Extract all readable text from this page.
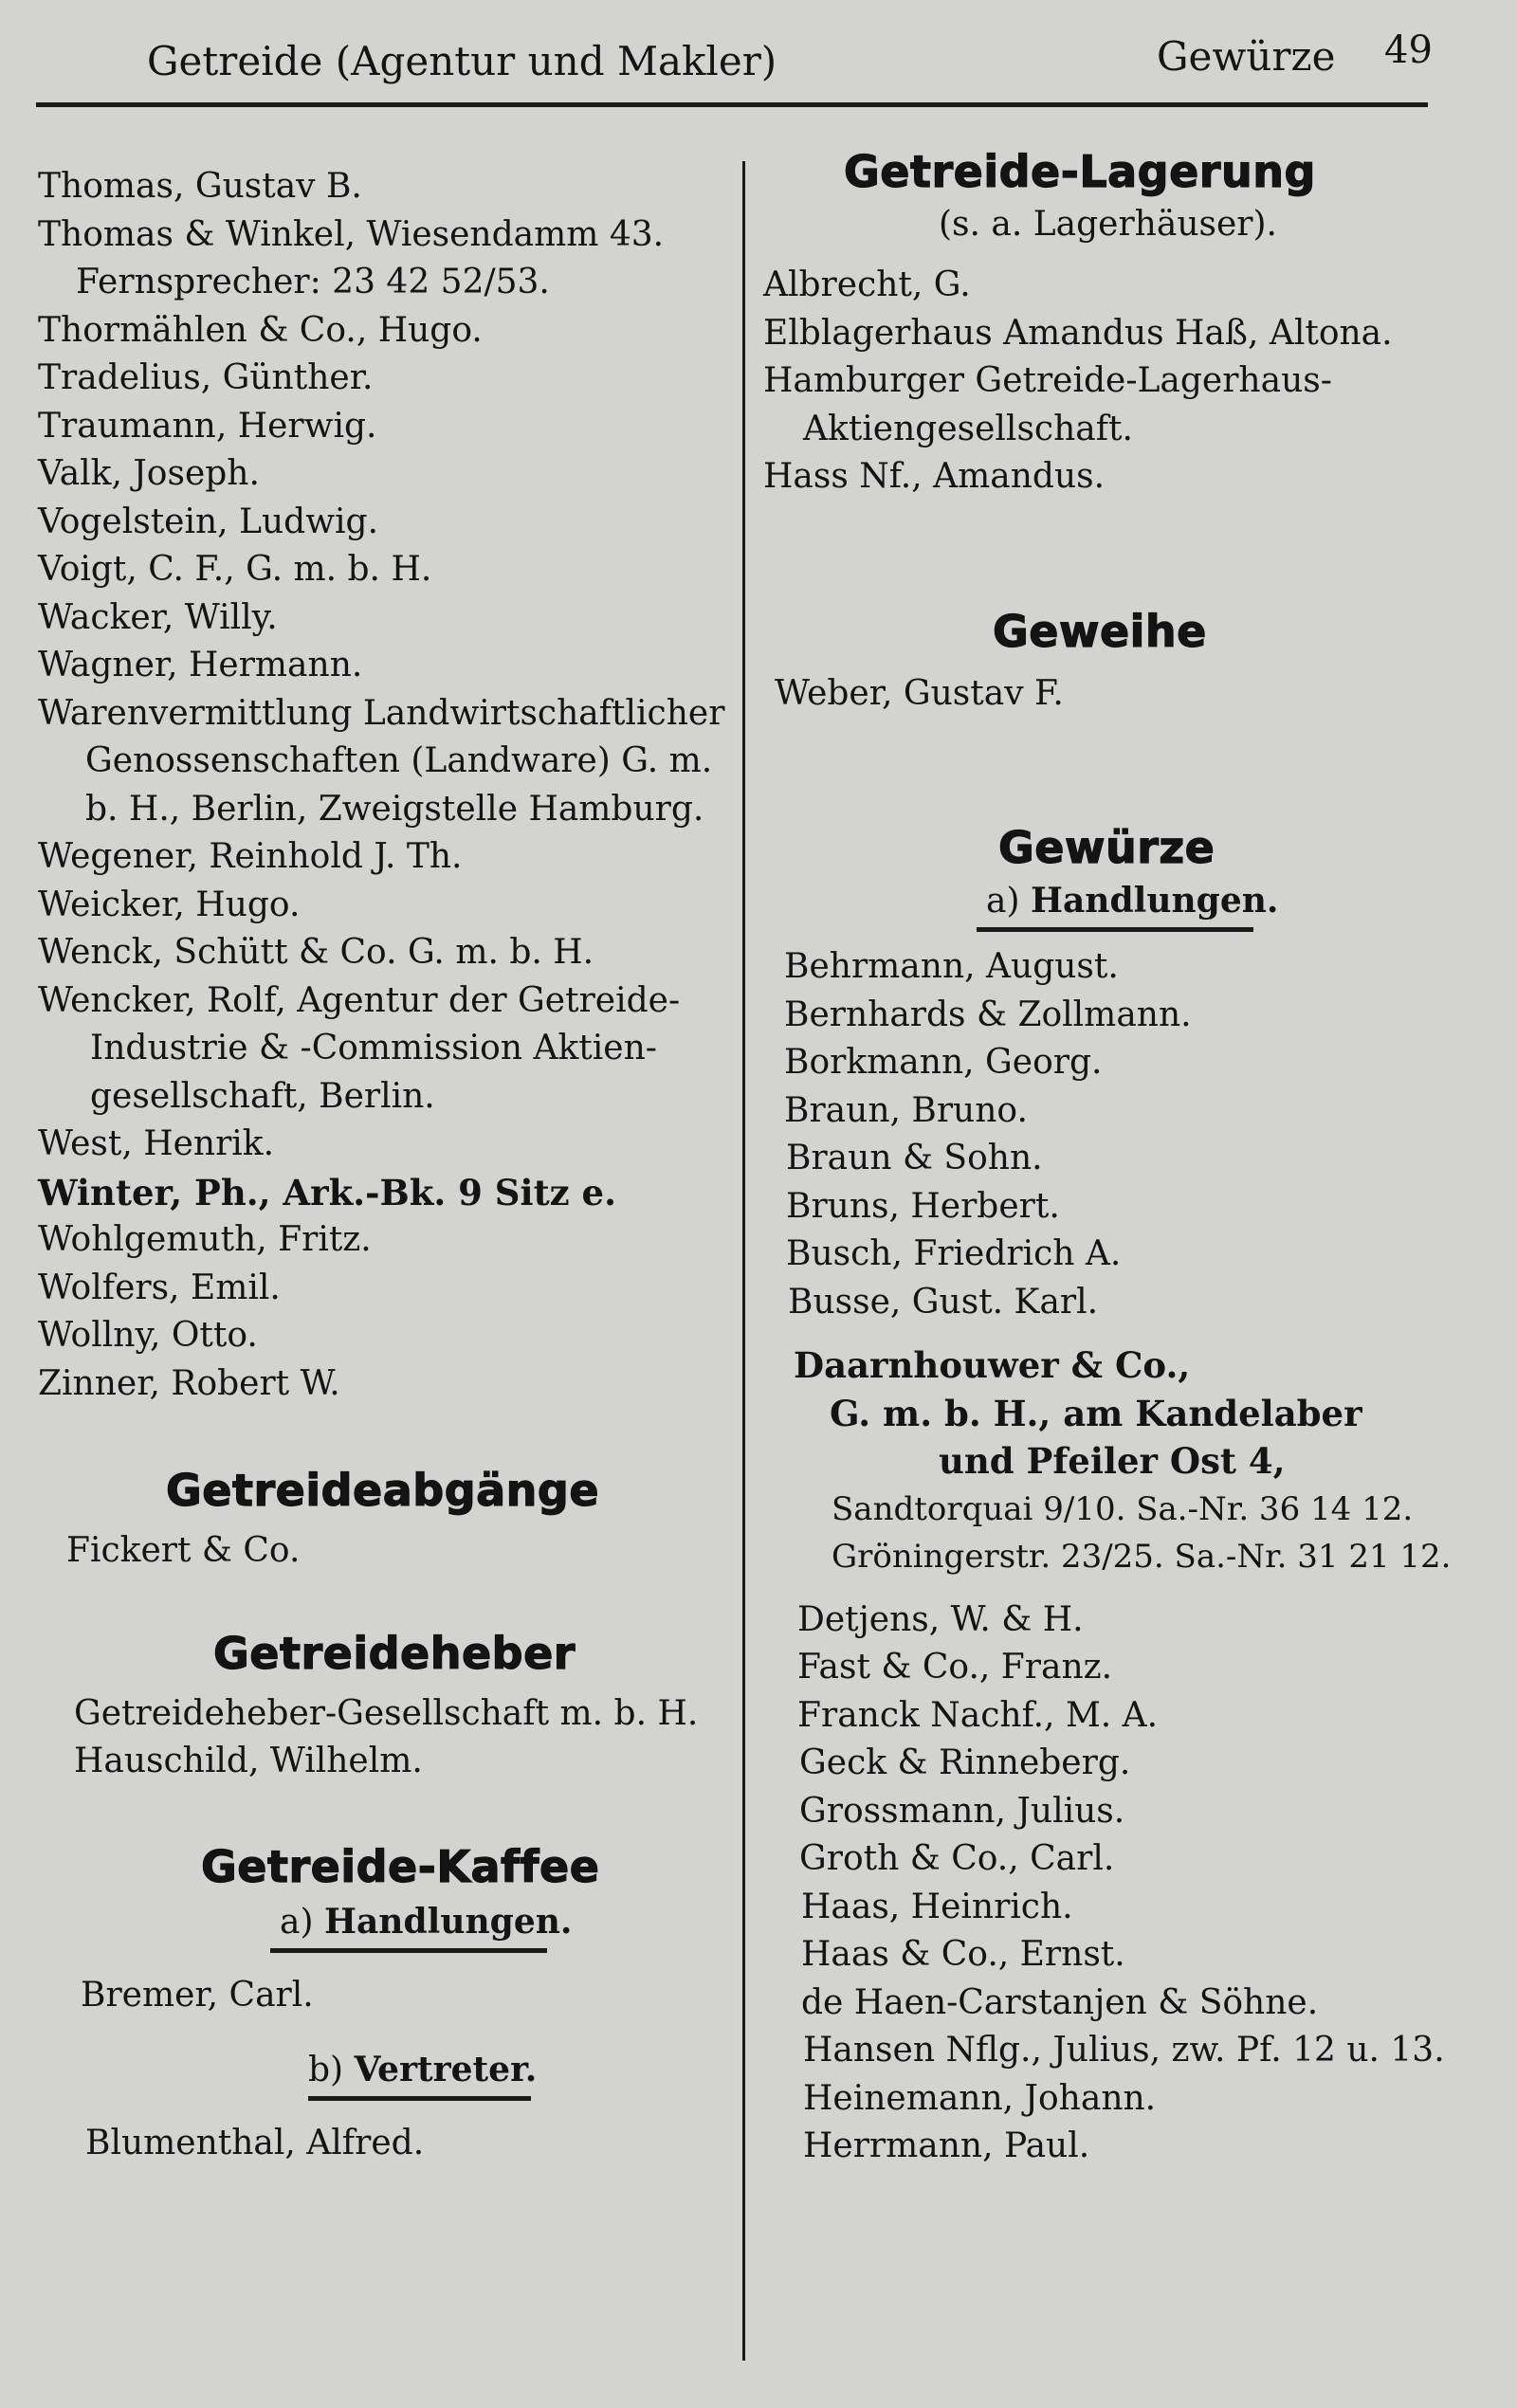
Getreide (Agentur und Makler)	Gewürze 49
Thomas, Gustav B.
Thomas & Winkel, Wiesendamm 43.
Fernsprecher: 23 42 52/53.
Thormählen & Co., Hugo.
Tradelius, Günther.
Traumann, Herwig.
Valk, Joseph.
Vogelstein, Ludwig.
Voigt, C. F., G. m. b. H.
Wacker, Willy.
Wagner, Hermann.
Warenvermittlung Landwirtschaftlicher
Genossenschaften (Landware) G. m.
b. H., Berlin, Zweigstelle Hamburg.
Wegener, Reinhold J. Th.
Weicker, Hugo.
Wenck, Schütt & Co. G. m. b. H.
Wencker, Rolf, Agentur der Getreide-
Industrie & -Commission Aktien-
gesellschaft, Berlin.
West, Henrik.
Winter, Ph., Ark.-Bk. 9 Sitz e.
Wohlgemuth, Fritz.
Wolfers, Emil.
Wollny, Otto.
Zinner, Robert W.
Getreideabgänge
Fickert & Co.
Getreideheber
Getreideheber-Gesellschaft m. b. H.
Hauschild, Wilhelm.
Getreide-Kaffee
a) Handlungen.
Bremer, Carl.
b) Vertreter.
Blumenthal, Alfred.
Getreide-Lagerung
(s. a. Lagerhäuser).
Albrecht, G.
Elblagerhaus Amandus Haß, Altona.
Hamburger Getreide-Lagerhaus-
Aktiengesellschaft.
Hass Nf., Amandus.
Geweihe
Weber, Gustav F.
Gewürze
a) Handlungen.
Behrmann, August.
Bernhards & Zollmann.
Borkmann, Georg.
Braun, Bruno.
Braun & Sohn.
Bruns, Herbert.
Busch, Friedrich A.
Busse, Gust. Karl.
Daarnhouwer & Co.,
G. m. b. H., am Kandelaber
und Pfeiler Ost 4,
Sandtorquai 9/10. Sa.-Nr. 36 14 12.
Gröningerstr. 23/25. Sa.-Nr. 31 21 12.
Detjens, W. & H.
Fast & Co., Franz.
Franck Nachf., M. A.
Geck & Rinneberg.
Grossmann, Julius.
Groth & Co., Carl.
Haas, Heinrich.
Haas & Co., Ernst.
de Haen-Carstanjen & Söhne.
Hansen Nflg., Julius, zw. Pf. 12 u. 13.
Heinemann, Johann.
Herrmann, Paul.
